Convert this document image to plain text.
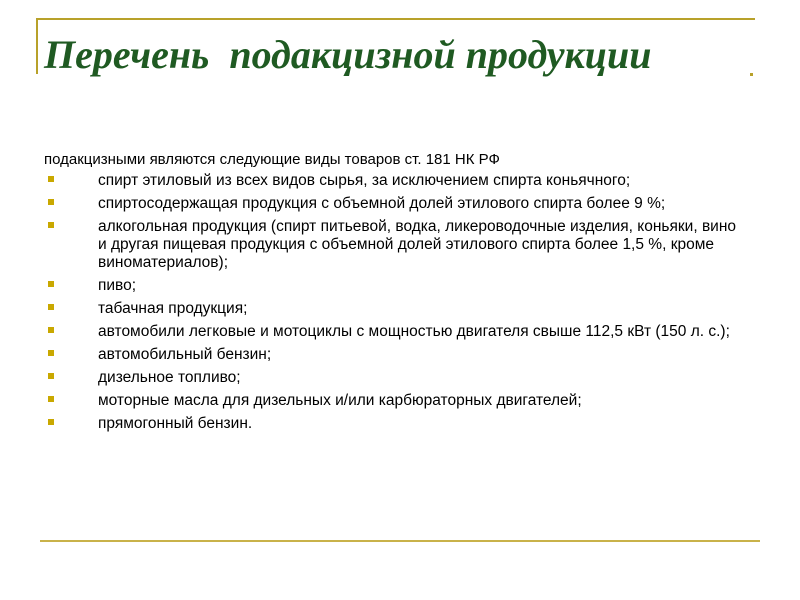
Перечень  подакцизной продукции
подакцизными являются следующие виды товаров ст. 181 НК РФ
спирт этиловый из всех видов сырья, за исключением спирта коньячного;
спиртосодержащая продукция с объемной долей этилового спирта более 9 %;
алкогольная продукция (спирт питьевой, водка, ликероводочные изделия, коньяки, вино и другая пищевая продукция с объемной долей этилового спирта более 1,5 %, кроме виноматериалов);
пиво;
табачная продукция;
автомобили легковые и мотоциклы с мощностью двигателя свыше 112,5 кВт (150 л. с.);
автомобильный бензин;
дизельное топливо;
моторные масла для дизельных и/или карбюраторных двигателей;
прямогонный бензин.
